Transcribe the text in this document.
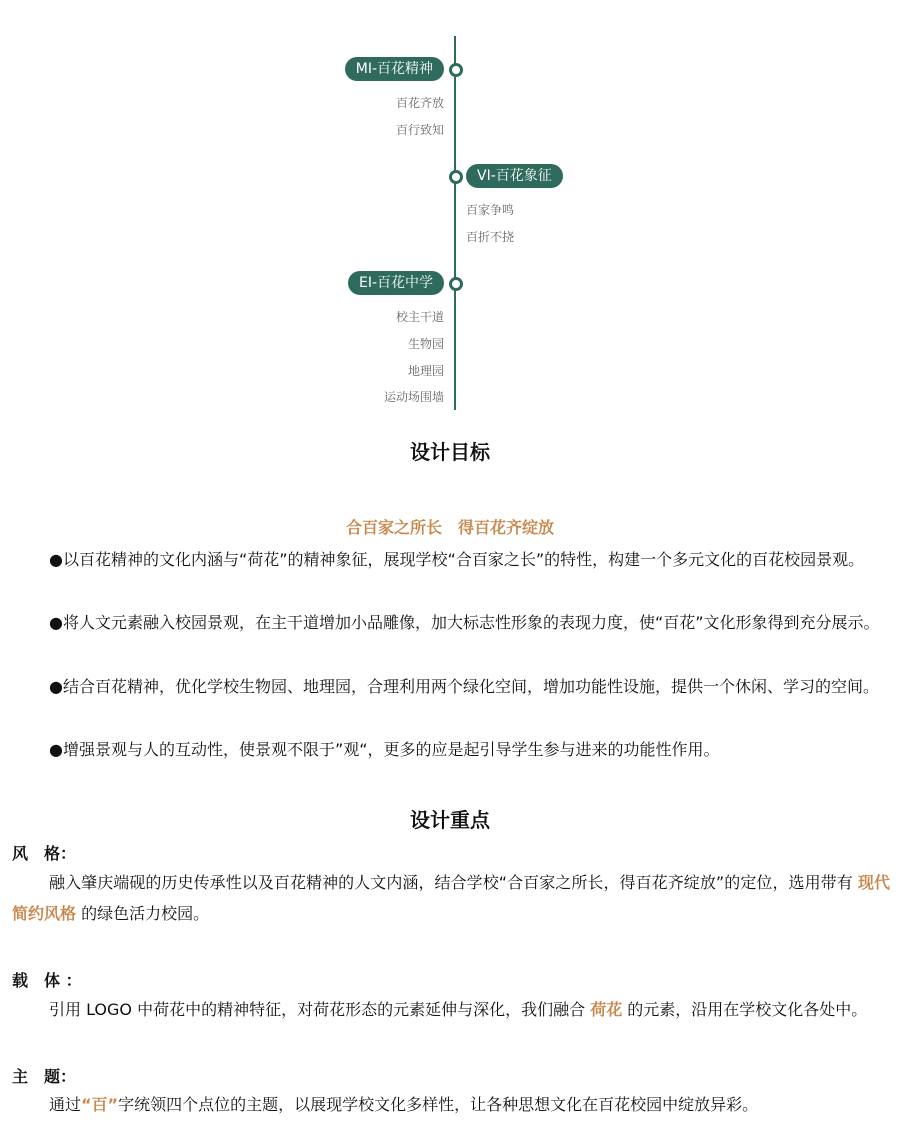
MI-百花精神
百花齐放
百行致知
VI-百花象征
百家争鸣
百折不挠
EI-百花中学
校主干道
生物园
地理园
运动场围墙
设计目标
合百家之所长　得百花齐绽放

●以百花精神的文化内涵与“荷花”的精神象征，展现学校“合百家之长”的特性，构建一个多元文化的百花校园景观。

●将人文元素融入校园景观，在主干道增加小品雕像，加大标志性形象的表现力度，使“百花”文化形象得到充分展示。

●结合百花精神，优化学校生物园、地理园，合理利用两个绿化空间，增加功能性设施，提供一个休闲、学习的空间。

●增强景观与人的互动性，使景观不限于”观“，更多的应是起引导学生参与进来的功能性作用。

设计重点
风　格：

融入肇庆端砚的历史传承性以及百花精神的人文内涵，结合学校“合百家之所长，得百花齐绽放”的定位，选用带有 现代简约风格 的绿色活力校园。

载　体 ：

引用 LOGO 中荷花中的精神特征，对荷花形态的元素延伸与深化，我们融合 荷花 的元素，沿用在学校文化各处中。

主　题：

通过“百”字统领四个点位的主题，以展现学校文化多样性，让各种思想文化在百花校园中绽放异彩。
